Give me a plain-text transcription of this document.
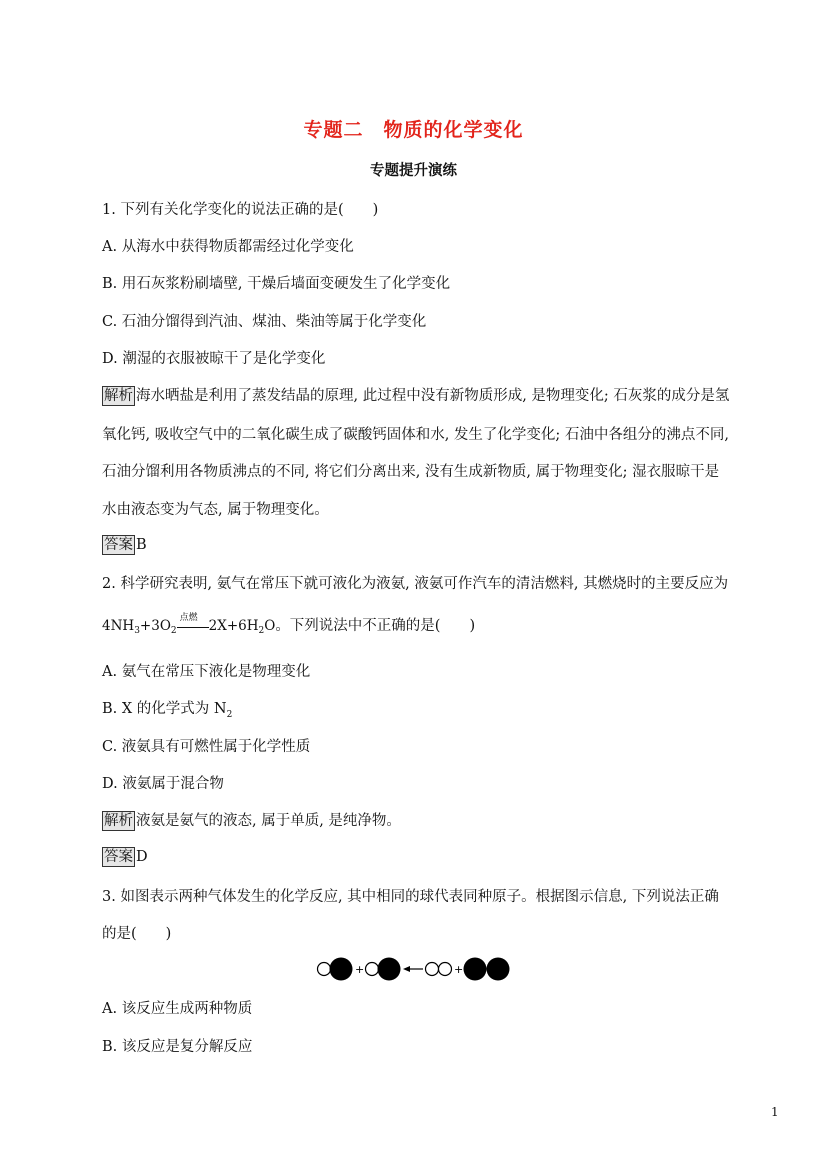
专题二　物质的化学变化
专题提升演练
1. 下列有关化学变化的说法正确的是(　　)
A. 从海水中获得物质都需经过化学变化
B. 用石灰浆粉刷墙壁, 干燥后墙面变硬发生了化学变化
C. 石油分馏得到汽油、煤油、柴油等属于化学变化
D. 潮湿的衣服被晾干了是化学变化
解析 海水晒盐是利用了蒸发结晶的原理, 此过程中没有新物质形成, 是物理变化; 石灰浆的成分是氢
氧化钙, 吸收空气中的二氧化碳生成了碳酸钙固体和水, 发生了化学变化; 石油中各组分的沸点不同,
石油分馏利用各物质沸点的不同, 将它们分离出来, 没有生成新物质, 属于物理变化; 湿衣服晾干是
水由液态变为气态, 属于物理变化。
答案 B
2. 科学研究表明, 氨气在常压下就可液化为液氨, 液氨可作汽车的清洁燃料, 其燃烧时的主要反应为
$4NH_3+3O_2$
点燃
$2X+6H_2O$。下列说法中不正确的是(　　)
A. 氨气在常压下液化是物理变化
B. X 的化学式为 $N_2$
C. 液氨具有可燃性属于化学性质
D. 液氨属于混合物
解析 液氨是氨气的液态, 属于单质, 是纯净物。
答案 D
3. 如图表示两种气体发生的化学反应, 其中相同的球代表同种原子。根据图示信息, 下列说法正确
的是(　　)
+	+
A. 该反应生成两种物质
B. 该反应是复分解反应
1
